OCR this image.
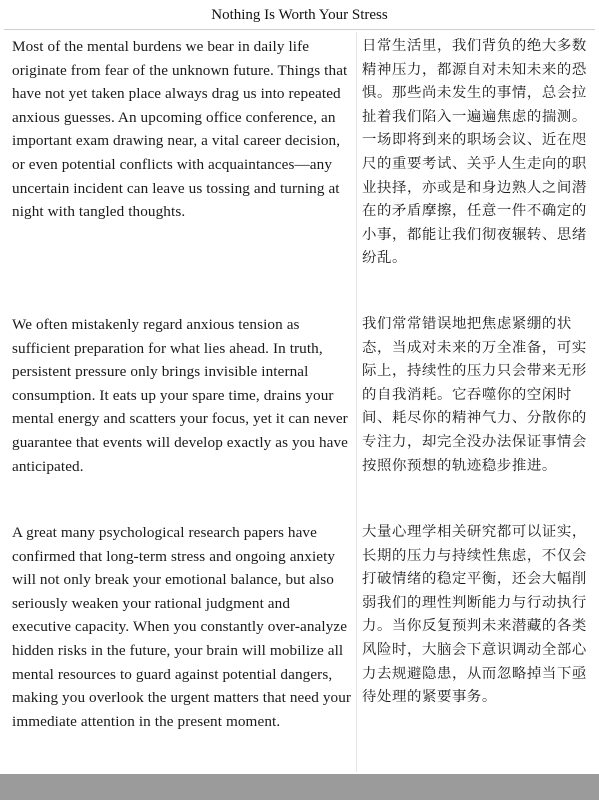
Nothing Is Worth Your Stress

Most of the mental burdens we bear in daily life originate from fear of the unknown future. Things that have not yet taken place always drag us into repeated anxious guesses. An upcoming office conference, an important exam drawing near, a vital career decision, or even potential conflicts with acquaintances—any uncertain incident can leave us tossing and turning at night with tangled thoughts.

日常生活里，我们背负的绝大多数精神压力，都源自对未知未来的恐惧。那些尚未发生的事情，总会拉扯着我们陷入一遍遍焦虑的揣测。一场即将到来的职场会议、近在咫尺的重要考试、关乎人生走向的职业抉择，亦或是和身边熟人之间潜在的矛盾摩擦，任意一件不确定的小事，都能让我们彻夜辗转、思绪纷乱。

We often mistakenly regard anxious tension as sufficient preparation for what lies ahead. In truth, persistent pressure only brings invisible internal consumption. It eats up your spare time, drains your mental energy and scatters your focus, yet it can never guarantee that events will develop exactly as you have anticipated.

我们常常错误地把焦虑紧绷的状态，当成对未来的万全准备，可实际上，持续性的压力只会带来无形的自我消耗。它吞噬你的空闲时间、耗尽你的精神气力、分散你的专注力，却完全没办法保证事情会按照你预想的轨迹稳步推进。

A great many psychological research papers have confirmed that long-term stress and ongoing anxiety will not only break your emotional balance, but also seriously weaken your rational judgment and executive capacity. When you constantly over-analyze hidden risks in the future, your brain will mobilize all mental resources to guard against potential dangers, making you overlook the urgent matters that need your immediate attention in the present moment.

大量心理学相关研究都可以证实，长期的压力与持续性焦虑，不仅会打破情绪的稳定平衡，还会大幅削弱我们的理性判断能力与行动执行力。当你反复预判未来潜藏的各类风险时，大脑会下意识调动全部心力去规避隐患，从而忽略掉当下亟待处理的紧要事务。
